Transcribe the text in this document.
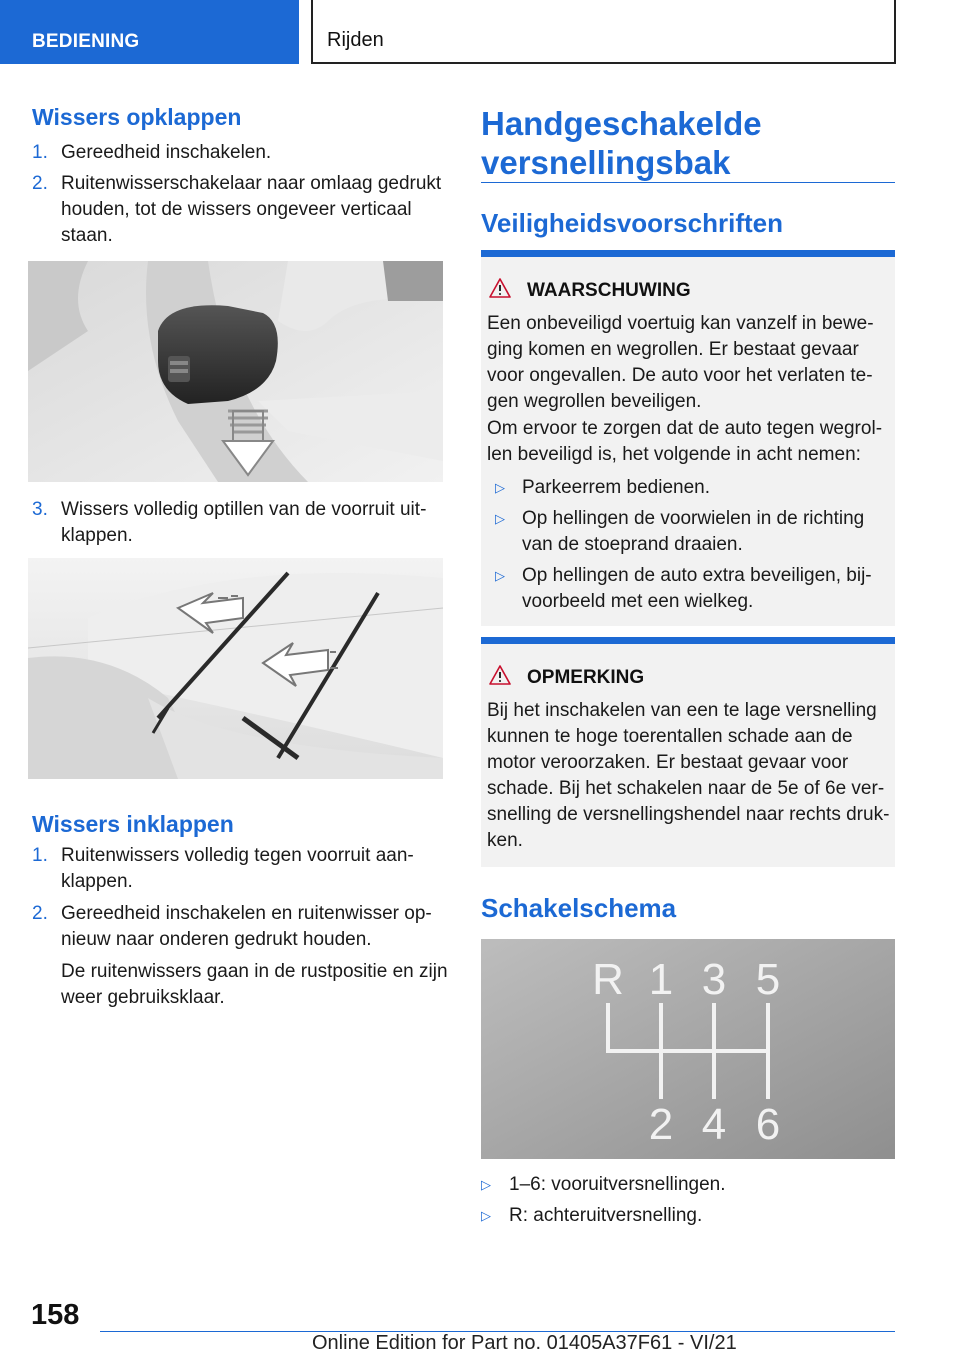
BEDIENING	Rijden
Wissers opklappen
1. Gereedheid inschakelen.
2. Ruitenwisserschakelaar naar omlaag gedrukt houden, tot de wissers ongeveer verticaal staan.
3. Wissers volledig optillen van de voorruit uitklappen.
Wissers inklappen
1. Ruitenwissers volledig tegen voorruit aanklappen.
2. Gereedheid inschakelen en ruitenwisser opnieuw naar onderen gedrukt houden.
De ruitenwissers gaan in de rustpositie en zijn weer gebruiksklaar.
Handgeschakelde versnellingsbak
Veiligheidsvoorschriften
WAARSCHUWING
Een onbeveiligd voertuig kan vanzelf in beweging komen en wegrollen. Er bestaat gevaar voor ongevallen. De auto voor het verlaten tegen wegrollen beveiligen.
Om ervoor te zorgen dat de auto tegen wegrollen beveiligd is, het volgende in acht nemen:
▷ Parkeerrem bedienen.
▷ Op hellingen de voorwielen in de richting van de stoeprand draaien.
▷ Op hellingen de auto extra beveiligen, bijvoorbeeld met een wielkeg.
OPMERKING
Bij het inschakelen van een te lage versnelling kunnen te hoge toerentallen schade aan de motor veroorzaken. Er bestaat gevaar voor schade. Bij het schakelen naar de 5e of 6e versnelling de versnellingshendel naar rechts drukken.
Schakelschema
R 1 3 5
2 4 6
▷ 1–6: vooruitversnellingen.
▷ R: achteruitversnelling.
158
Online Edition for Part no. 01405A37F61 - VI/21
